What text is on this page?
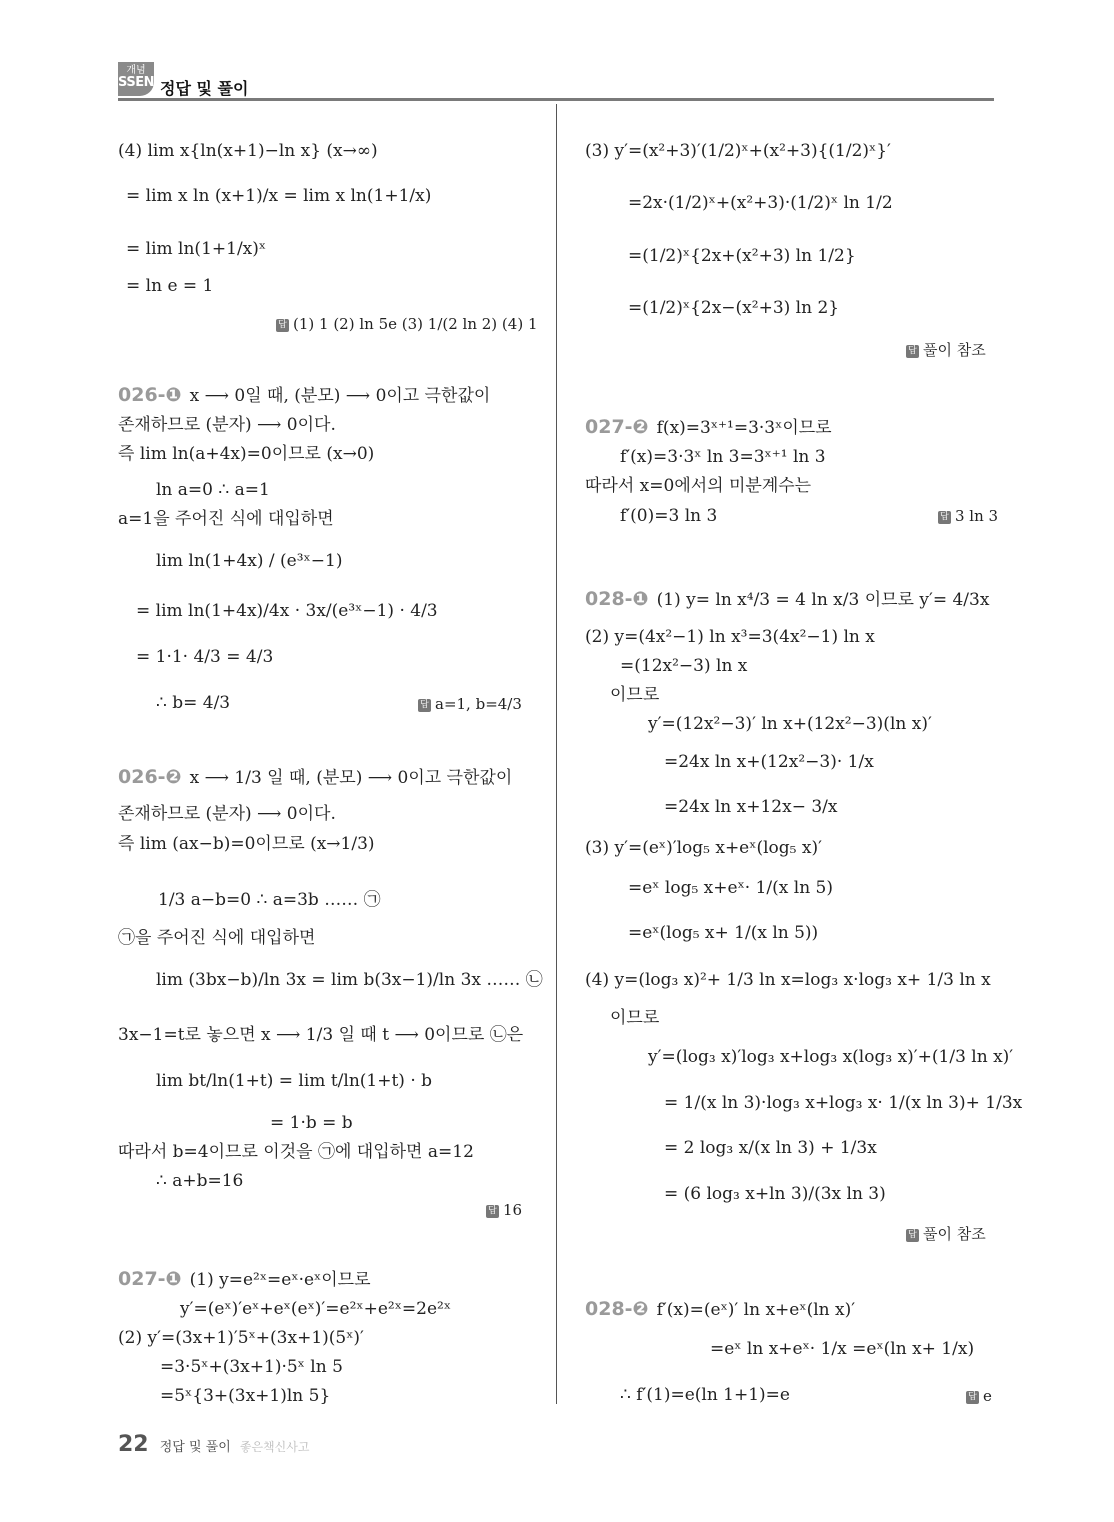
개념
SSEN 정답 및 풀이
(4) lim x{ln(x+1)−ln x} (x→∞)
= lim x ln (x+1)/x = lim x ln(1+1/x)
= lim ln(1+1/x)ˣ
= ln e = 1
026-❶ x ⟶ 0일 때, (분모) ⟶ 0이고 극한값이
존재하므로 (분자) ⟶ 0이다.
즉 lim ln(a+4x)=0이므로 (x→0)
ln a=0 ∴ a=1
a=1을 주어진 식에 대입하면
lim ln(1+4x) / (e³ˣ−1)
= lim ln(1+4x)/4x · 3x/(e³ˣ−1) · 4/3
= 1·1· 4/3 = 4/3
∴ b= 4/3
026-❷ x ⟶ 1/3 일 때, (분모) ⟶ 0이고 극한값이
존재하므로 (분자) ⟶ 0이다.
즉 lim (ax−b)=0이므로 (x→1/3)
1/3 a−b=0 ∴ a=3b …… ㉠
㉠을 주어진 식에 대입하면
lim (3bx−b)/ln 3x = lim b(3x−1)/ln 3x …… ㉡
3x−1=t로 놓으면 x ⟶ 1/3 일 때 t ⟶ 0이므로 ㉡은
lim bt/ln(1+t) = lim t/ln(1+t) · b
= 1·b = b
따라서 b=4이므로 이것을 ㉠에 대입하면 a=12
∴ a+b=16
027-❶ (1) y=e²ˣ=eˣ·eˣ이므로
y′=(eˣ)′eˣ+eˣ(eˣ)′=e²ˣ+e²ˣ=2e²ˣ
(2) y′=(3x+1)′5ˣ+(3x+1)(5ˣ)′
=3·5ˣ+(3x+1)·5ˣ ln 5
=5ˣ{3+(3x+1)ln 5}
답 (1) 1 (2) ln 5e (3) 1/(2 ln 2) (4) 1
답 a=1, b=4/3
답 16
(3) y′=(x²+3)′(1/2)ˣ+(x²+3){(1/2)ˣ}′
=2x·(1/2)ˣ+(x²+3)·(1/2)ˣ ln 1/2
=(1/2)ˣ{2x+(x²+3) ln 1/2}
=(1/2)ˣ{2x−(x²+3) ln 2}
027-❷ f(x)=3ˣ⁺¹=3·3ˣ이므로
f′(x)=3·3ˣ ln 3=3ˣ⁺¹ ln 3
따라서 x=0에서의 미분계수는
f′(0)=3 ln 3
028-❶ (1) y= ln x⁴/3 = 4 ln x/3 이므로 y′= 4/3x
(2) y=(4x²−1) ln x³=3(4x²−1) ln x
=(12x²−3) ln x
이므로
y′=(12x²−3)′ ln x+(12x²−3)(ln x)′
=24x ln x+(12x²−3)· 1/x
=24x ln x+12x− 3/x
(3) y′=(eˣ)′log₅ x+eˣ(log₅ x)′
=eˣ log₅ x+eˣ· 1/(x ln 5)
=eˣ(log₅ x+ 1/(x ln 5))
(4) y=(log₃ x)²+ 1/3 ln x=log₃ x·log₃ x+ 1/3 ln x
이므로
y′=(log₃ x)′log₃ x+log₃ x(log₃ x)′+(1/3 ln x)′
= 1/(x ln 3)·log₃ x+log₃ x· 1/(x ln 3)+ 1/3x
= 2 log₃ x/(x ln 3) + 1/3x
= (6 log₃ x+ln 3)/(3x ln 3)
028-❷ f′(x)=(eˣ)′ ln x+eˣ(ln x)′
=eˣ ln x+eˣ· 1/x =eˣ(ln x+ 1/x)
∴ f′(1)=e(ln 1+1)=e
답 풀이 참조
답 3 ln 3
답 풀이 참조
답 e
22 정답 및 풀이 좋은책신사고
